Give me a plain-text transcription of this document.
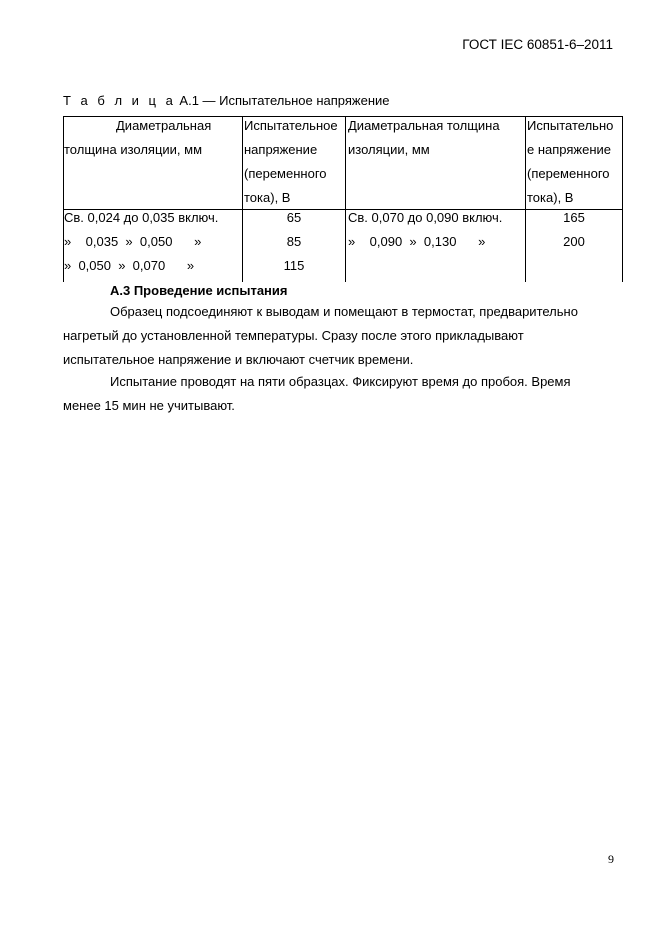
ГОСТ IEC 60851-6–2011
Т а б л и ц а А.1 — Испытательное напряжение
Диаметральная
толщина изоляции, мм
Испытательное
напряжение
(переменного
тока), В
Диаметральная толщина
изоляции, мм
Испытательно
е напряжение
(переменного
тока), В
Св. 0,024 до 0,035 включ.
»    0,035  »  0,050      »
»  0,050  »  0,070      »
65
85
115
Св. 0,070 до 0,090 включ.
»    0,090  »  0,130      »
165
200
А.3 Проведение испытания
Образец подсоединяют к выводам и помещают в термостат, предварительно
нагретый до установленной температуры. Сразу после этого прикладывают
испытательное напряжение и включают счетчик времени.
Испытание проводят на пяти образцах. Фиксируют время до пробоя. Время
менее 15 мин не учитывают.
9
